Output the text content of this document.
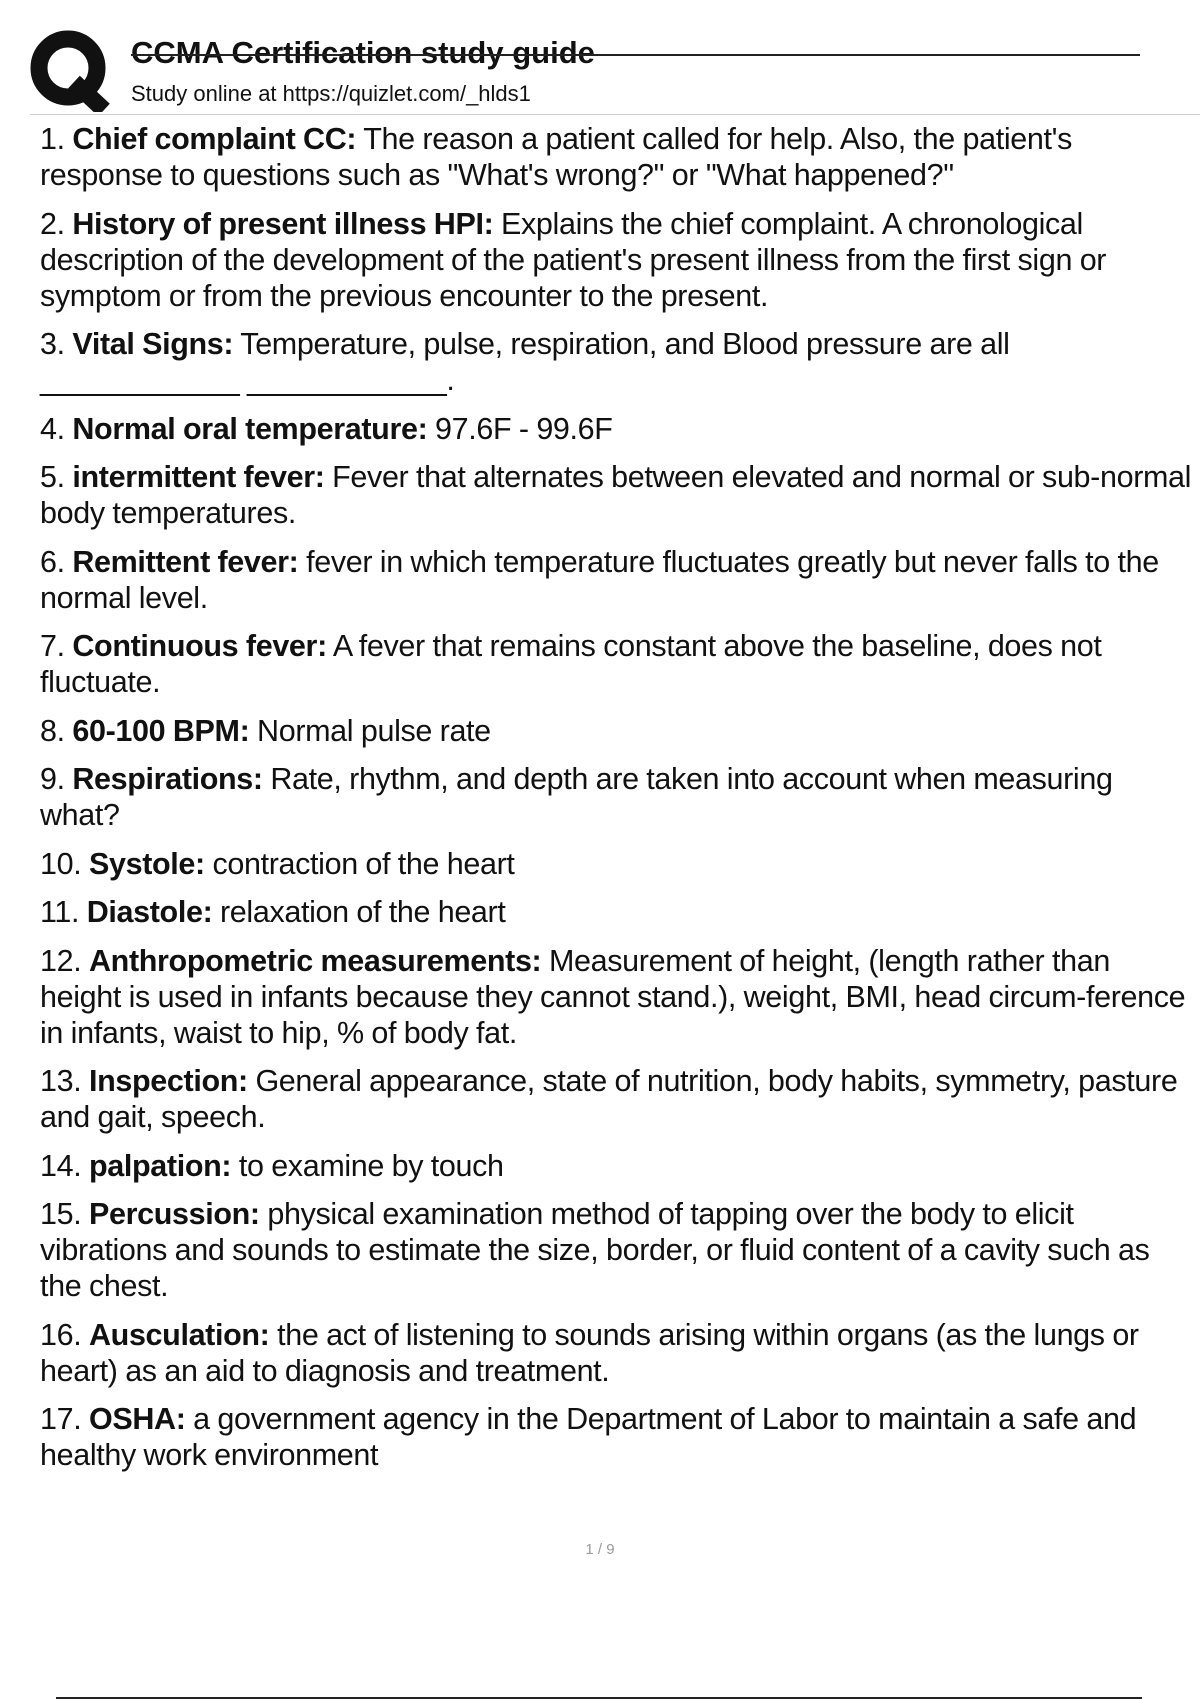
CCMA Certification study guide
Study online at https://quizlet.com/_hlds1
1. Chief complaint CC: The reason a patient called for help. Also, the patient's response to questions such as "What's wrong?" or "What happened?"
2. History of present illness HPI: Explains the chief complaint. A chronological description of the development of the patient's present illness from the first sign or symptom or from the previous encounter to the present.
3. Vital Signs: Temperature, pulse, respiration, and Blood pressure are all ____________ ____________.
4. Normal oral temperature: 97.6F - 99.6F
5. intermittent fever: Fever that alternates between elevated and normal or sub-normal body temperatures.
6. Remittent fever: fever in which temperature fluctuates greatly but never falls to the normal level.
7. Continuous fever: A fever that remains constant above the baseline, does not fluctuate.
8. 60-100 BPM: Normal pulse rate
9. Respirations: Rate, rhythm, and depth are taken into account when measuring what?
10. Systole: contraction of the heart
11. Diastole: relaxation of the heart
12. Anthropometric measurements: Measurement of height, (length rather than height is used in infants because they cannot stand.), weight, BMI, head circum-ference in infants, waist to hip, % of body fat.
13. Inspection: General appearance, state of nutrition, body habits, symmetry, pasture and gait, speech.
14. palpation: to examine by touch
15. Percussion: physical examination method of tapping over the body to elicit vibrations and sounds to estimate the size, border, or fluid content of a cavity such as the chest.
16. Ausculation: the act of listening to sounds arising within organs (as the lungs or heart) as an aid to diagnosis and treatment.
17. OSHA: a government agency in the Department of Labor to maintain a safe and healthy work environment
1 / 9
